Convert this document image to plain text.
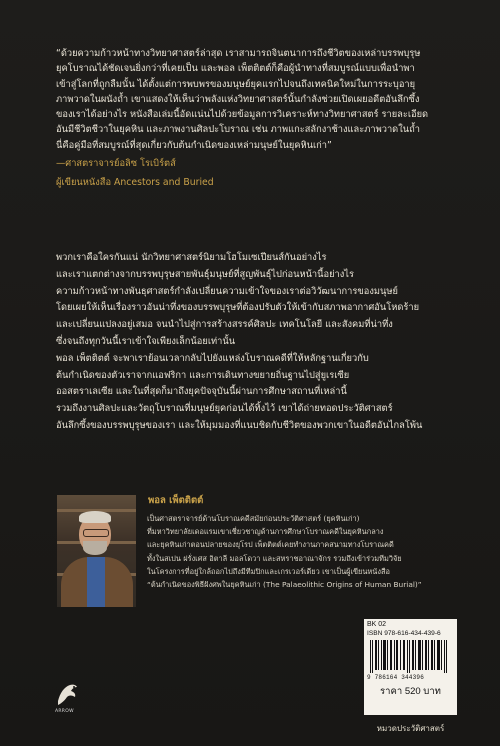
“ด้วยความก้าวหน้าทางวิทยาศาสตร์ล่าสุด เราสามารถจินตนาการถึงชีวิตของเหล่าบรรพบุรุษ
ยุคโบราณได้ชัดเจนยิ่งกว่าที่เคยเป็น และพอล เพ็ตติตต์ก็คือผู้นำทางที่สมบูรณ์แบบเพื่อนำพา
เข้าสู่โลกที่ถูกลืมนั้น ได้ตั้งแต่การพบพรของมนุษย์ยุคแรกไปจนถึงเทคนิคใหม่ในการระบุอายุ
ภาพวาดในผนังถ้ำ เขาแสดงให้เห็นว่าพลังแห่งวิทยาศาสตร์นั้นกำลังช่วยเปิดเผยอดีตอันลึกซึ้ง
ของเราได้อย่างไร หนังสือเล่มนี้อัดแน่นไปด้วยข้อมูลการวิเคราะห์ทางวิทยาศาสตร์ รายละเอียด
อันมีชีวิตชีวาในยุคหิน และภาพงานศิลปะโบราณ เช่น ภาพแกะสลักงาช้างและภาพวาดในถ้ำ
นี่คือคู่มือที่สมบูรณ์ที่สุดเกี่ยวกับต้นกำเนิดของเหล่ามนุษย์ในยุคหินเก่า”
—ศาสตราจารย์อลิซ โรเบิร์ตส์
ผู้เขียนหนังสือ Ancestors and Buried
พวกเราคือใครกันแน่ นักวิทยาศาสตร์นิยามโฮโมเซเปียนส์กันอย่างไร
และเราแตกต่างจากบรรพบุรุษสายพันธุ์มนุษย์ที่สูญพันธุ์ไปก่อนหน้านี้อย่างไร
ความก้าวหน้าทางพันธุศาสตร์กำลังเปลี่ยนความเข้าใจของเราต่อวิวัฒนาการของมนุษย์
โดยเผยให้เห็นเรื่องราวอันน่าทึ่งของบรรพบุรุษที่ต้องปรับตัวให้เข้ากับสภาพอากาศอันโหดร้าย
และเปลี่ยนแปลงอยู่เสมอ จนนำไปสู่การสร้างสรรค์ศิลปะ เทคโนโลยี และสังคมที่น่าทึ่ง
ซึ่งจนถึงทุกวันนี้เราเข้าใจเพียงเล็กน้อยเท่านั้น
พอล เพ็ตติตต์ จะพาเราย้อนเวลากลับไปยังแหล่งโบราณคดีที่ให้หลักฐานเกี่ยวกับ
ต้นกำเนิดของตัวเราจากแอฟริกา และการเดินทางขยายถิ่นฐานไปสู่ยูเรเซีย
ออสตราเลเซีย และในที่สุดก็มาถึงยุคปัจจุบันนี้ผ่านการศึกษาสถานที่เหล่านี้
รวมถึงงานศิลปะและวัตถุโบราณที่มนุษย์ยุคก่อนได้ทิ้งไว้ เขาได้ถ่ายทอดประวัติศาสตร์
อันลึกซึ้งของบรรพบุรุษของเรา และให้มุมมองที่แนบชิดกับชีวิตของพวกเขาในอดีตอันไกลโพ้น
พอล เพ็ตติตต์
เป็นศาสตราจารย์ด้านโบราณคดีสมัยก่อนประวัติศาสตร์ (ยุคหินเก่า)
ที่มหาวิทยาลัยเดอแรมเขาเชี่ยวชาญด้านการศึกษาโบราณคดีในยุคหินกลาง
และยุคหินเก่าตอนปลายของยุโรป เพ็ตติตต์เคยทำงานภาคสนามทางโบราณคดี
ทั้งในสเปน ฝรั่งเศส อิตาลี มอลโดวา และสหราชอาณาจักร รวมถึงเข้าร่วมทีมวิจัย
ในโครงการที่อยู่ใกล้ถอกไปถึงมีทีมปิกและเกรเวอร์เดียว เขาเป็นผู้เขียนหนังสือ
“ต้นกำเนิดของพิธีฝังศพในยุคหินเก่า (The Palaeolithic Origins of Human Burial)”
ARROW
BK 02
ISBN 978-616-434-439-6
9 786164 344396
ราคา 520 บาท
หมวดประวัติศาสตร์
